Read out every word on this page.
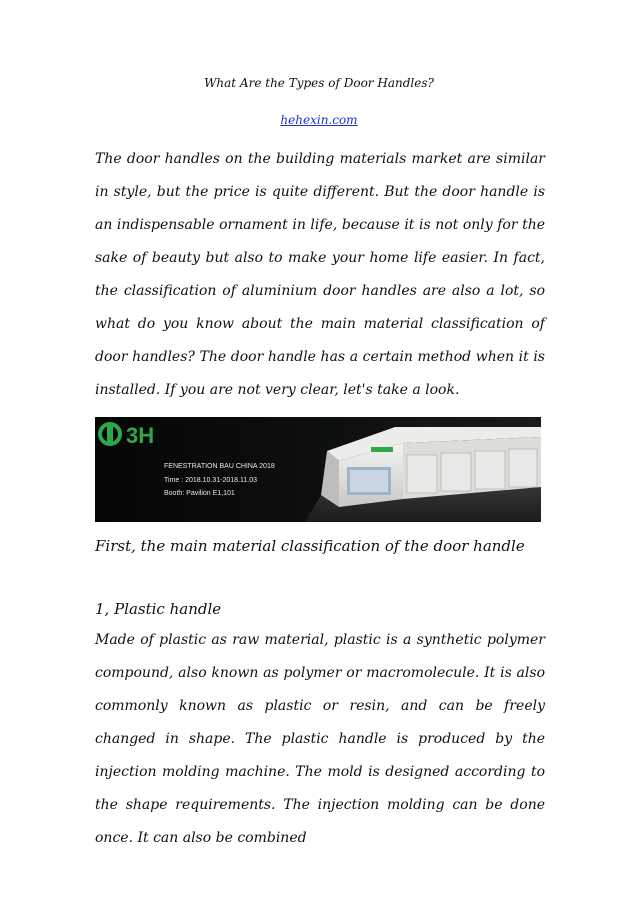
What Are the Types of Door Handles?
hehexin.com

The door handles on the building materials market are similar in style, but the price is quite different. But the door handle is an indispensable ornament in life, because it is not only for the sake of beauty but also to make your home life easier. In fact, the classification of aluminium door handles are also a lot, so what do you know about the main material classification of door handles? The door handle has a certain method when it is installed. If you are not very clear, let's take a look.

3H
FENESTRATION BAU CHINA 2018
Time : 2018.10.31-2018.11.03
Booth: Pavilion E1,101

First, the main material classification of the door handle

1, Plastic handle

Made of plastic as raw material, plastic is a synthetic polymer compound, also known as polymer or macromolecule. It is also commonly known as plastic or resin, and can be freely changed in shape. The plastic handle is produced by the injection molding machine. The mold is designed according to the shape requirements. The injection molding can be done once. It can also be combined
